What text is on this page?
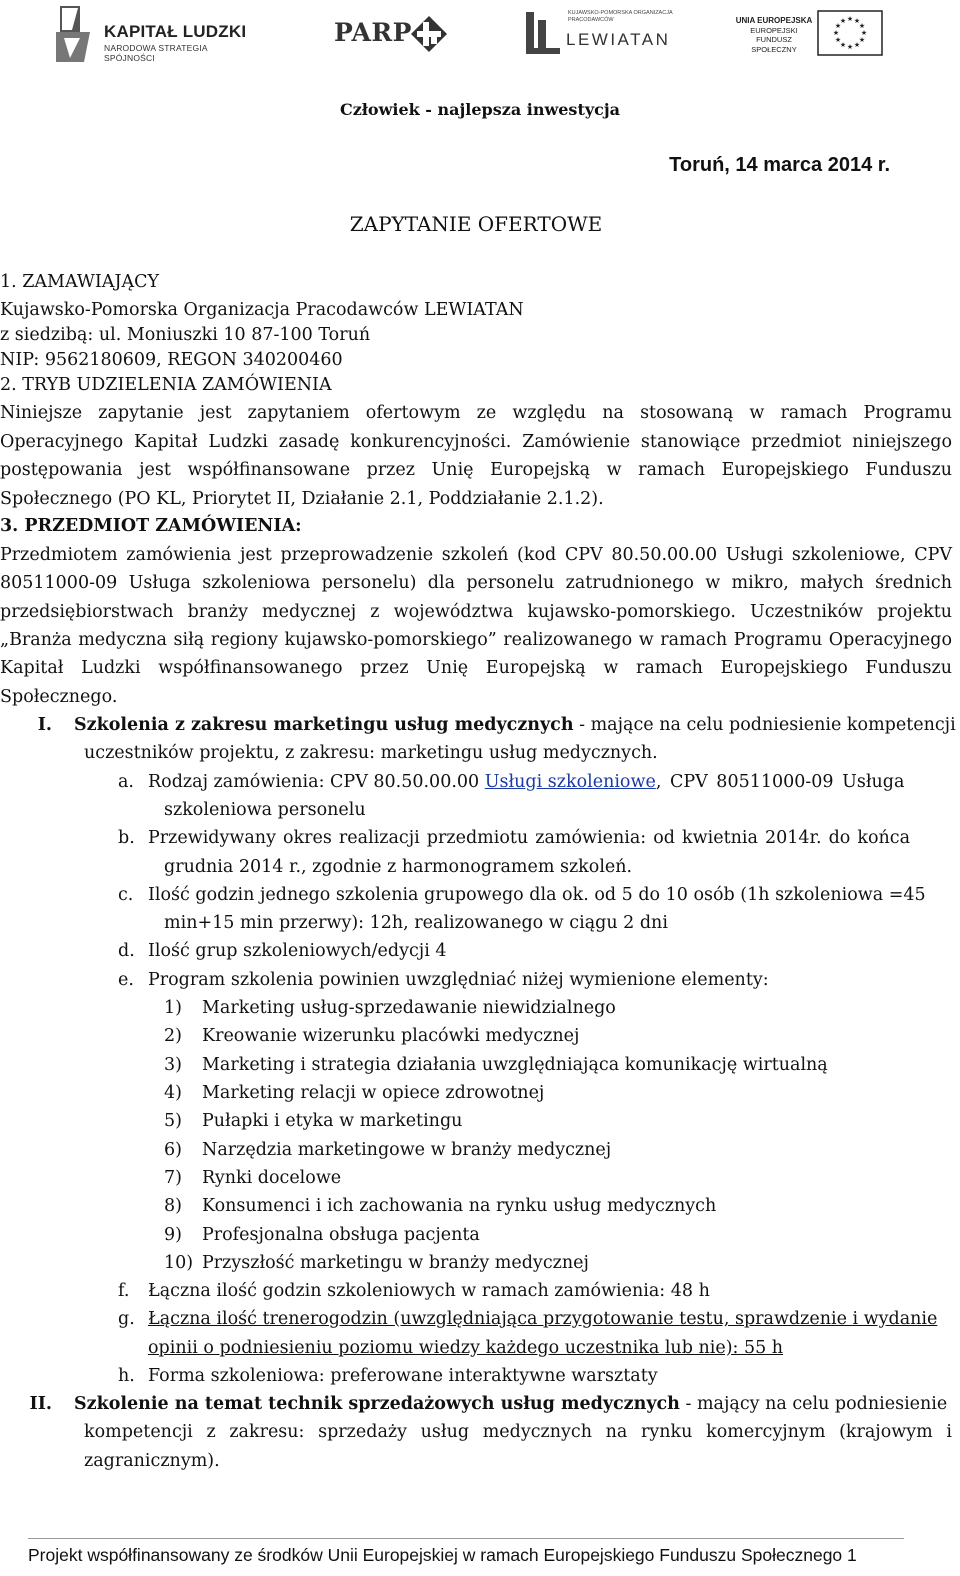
KAPITAŁ LUDZKI
NARODOWA STRATEGIA SPÓJNOŚCI
PARP
KUJAWSKO-POMORSKA ORGANIZACJA PRACODAWCÓW
LEWIATAN
UNIA EUROPEJSKA
EUROPEJSKI
FUNDUSZ SPOŁECZNY
★ ★
★
★
★
★
★
★
★
★
★
★
Człowiek - najlepsza inwestycja
Toruń, 14 marca 2014 r.
ZAPYTANIE OFERTOWE
1. ZAMAWIAJĄCY
Kujawsko-Pomorska Organizacja Pracodawców LEWIATAN
z siedzibą: ul. Moniuszki 10 87-100 Toruń
NIP: 9562180609, REGON 340200460
2. TRYB UDZIELENIA ZAMÓWIENIA
Niniejsze zapytanie jest zapytaniem ofertowym ze względu na stosowaną w ramach Programu
Operacyjnego Kapitał Ludzki zasadę konkurencyjności. Zamówienie stanowiące przedmiot niniejszego
postępowania jest współfinansowane przez Unię Europejską w ramach Europejskiego Funduszu
Społecznego (PO KL, Priorytet II, Działanie 2.1, Poddziałanie 2.1.2).
3. PRZEDMIOT ZAMÓWIENIA:
Przedmiotem zamówienia jest przeprowadzenie szkoleń (kod CPV 80.50.00.00 Usługi szkoleniowe, CPV
80511000-09 Usługa szkoleniowa personelu) dla personelu zatrudnionego w mikro, małych średnich
przedsiębiorstwach branży medycznej z województwa kujawsko-pomorskiego. Uczestników projektu
„Branża medyczna siłą regiony kujawsko-pomorskiego” realizowanego w ramach Programu Operacyjnego
Kapitał Ludzki współfinansowanego przez Unię Europejską w ramach Europejskiego Funduszu
Społecznego.
I. Szkolenia z zakresu marketingu usług medycznych - mające na celu podniesienie kompetencji
uczestników projektu, z zakresu: marketingu usług medycznych.
a. Rodzaj zamówienia: CPV 80.50.00.00 Usługi szkoleniowe, CPV 80511000-09 Usługa
szkoleniowa personelu
b. Przewidywany okres realizacji przedmiotu zamówienia: od kwietnia 2014r. do końca
grudnia 2014 r., zgodnie z harmonogramem szkoleń.
c. Ilość godzin jednego szkolenia grupowego dla ok. od 5 do 10 osób (1h szkoleniowa =45
min+15 min przerwy): 12h, realizowanego w ciągu 2 dni
d. Ilość grup szkoleniowych/edycji 4
e. Program szkolenia powinien uwzględniać niżej wymienione elementy:
1) Marketing usług-sprzedawanie niewidzialnego
2) Kreowanie wizerunku placówki medycznej
3) Marketing i strategia działania uwzględniająca komunikację wirtualną
4) Marketing relacji w opiece zdrowotnej
5) Pułapki i etyka w marketingu
6) Narzędzia marketingowe w branży medycznej
7) Rynki docelowe
8) Konsumenci i ich zachowania na rynku usług medycznych
9) Profesjonalna obsługa pacjenta
10) Przyszłość marketingu w branży medycznej
f. Łączna ilość godzin szkoleniowych w ramach zamówienia: 48 h
g. Łączna ilość trenerogodzin (uwzględniająca przygotowanie testu, sprawdzenie i wydanie
opinii o podniesieniu poziomu wiedzy każdego uczestnika lub nie): 55 h
h. Forma szkoleniowa: preferowane interaktywne warsztaty
II. Szkolenie na temat technik sprzedażowych usług medycznych - mający na celu podniesienie
kompetencji z zakresu: sprzedaży usług medycznych na rynku komercyjnym (krajowym i
zagranicznym).
Projekt współfinansowany ze środków Unii Europejskiej w ramach Europejskiego Funduszu Społecznego 1
